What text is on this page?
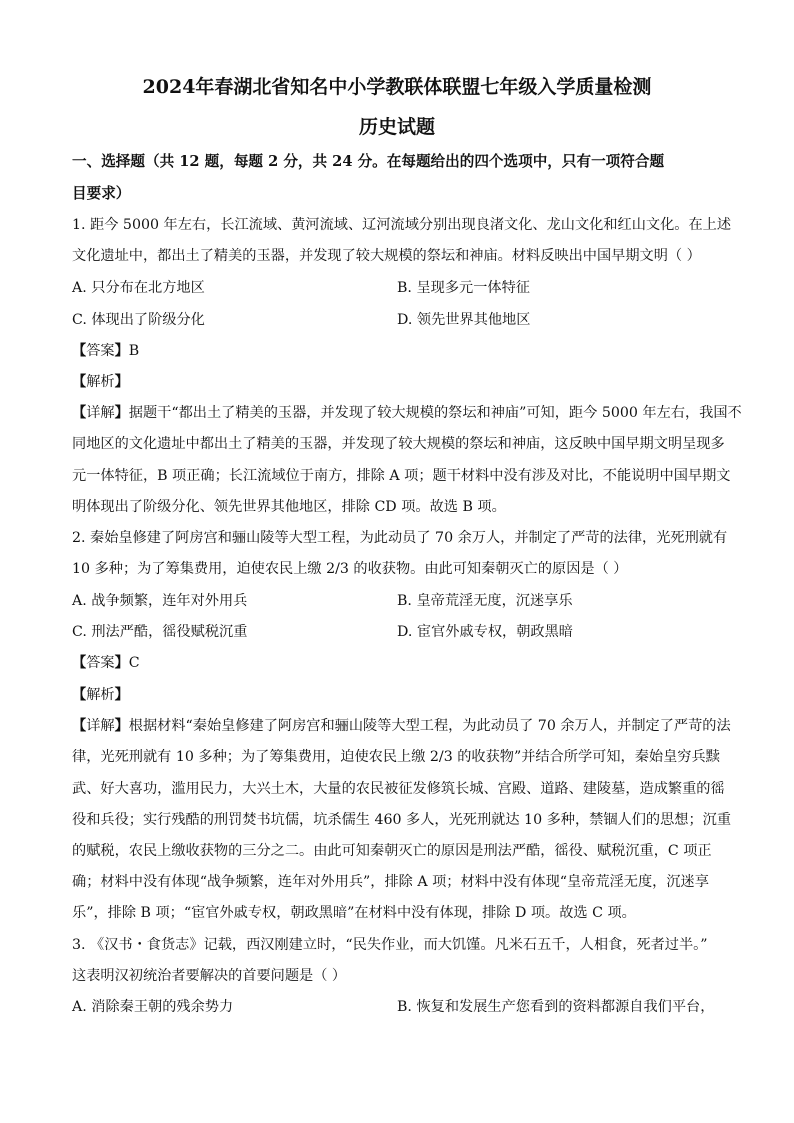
2024年春湖北省知名中小学教联体联盟七年级入学质量检测
历史试题
一、选择题（共 12 题，每题 2 分，共 24 分。在每题给出的四个选项中，只有一项符合题
目要求）
1. 距今 5000 年左右，长江流域、黄河流域、辽河流域分别出现良渚文化、龙山文化和红山文化。在上述
文化遗址中，都出土了精美的玉器，并发现了较大规模的祭坛和神庙。材料反映出中国早期文明（ ）
A. 只分布在北方地区	B. 呈现多元一体特征
C. 体现出了阶级分化	D. 领先世界其他地区
【答案】B
【解析】
【详解】据题干“都出土了精美的玉器，并发现了较大规模的祭坛和神庙”可知，距今 5000 年左右，我国不
同地区的文化遗址中都出土了精美的玉器，并发现了较大规模的祭坛和神庙，这反映中国早期文明呈现多
元一体特征，B 项正确；长江流域位于南方，排除 A 项；题干材料中没有涉及对比，不能说明中国早期文
明体现出了阶级分化、领先世界其他地区，排除 CD 项。故选 B 项。
2. 秦始皇修建了阿房宫和骊山陵等大型工程，为此动员了 70 余万人，并制定了严苛的法律，光死刑就有
10 多种；为了筹集费用，迫使农民上缴 2/3 的收获物。由此可知秦朝灭亡的原因是（ ）
A. 战争频繁，连年对外用兵	B. 皇帝荒淫无度，沉迷享乐
C. 刑法严酷，徭役赋税沉重	D. 宦官外戚专权，朝政黑暗
【答案】C
【解析】
【详解】根据材料“秦始皇修建了阿房宫和骊山陵等大型工程，为此动员了 70 余万人，并制定了严苛的法
律，光死刑就有 10 多种；为了筹集费用，迫使农民上缴 2/3 的收获物”并结合所学可知，秦始皇穷兵黩
武、好大喜功，滥用民力，大兴土木，大量的农民被征发修筑长城、宫殿、道路、建陵墓，造成繁重的徭
役和兵役；实行残酷的刑罚焚书坑儒，坑杀儒生 460 多人，光死刑就达 10 多种，禁锢人们的思想；沉重
的赋税，农民上缴收获物的三分之二。由此可知秦朝灭亡的原因是刑法严酷，徭役、赋税沉重，C 项正
确；材料中没有体现“战争频繁，连年对外用兵”，排除 A 项；材料中没有体现“皇帝荒淫无度，沉迷享
乐”，排除 B 项；“宦官外戚专权，朝政黑暗”在材料中没有体现，排除 D 项。故选 C 项。
3. 《汉书・食货志》记载，西汉刚建立时，“民失作业，而大饥馑。凡米石五千，人相食，死者过半。”
这表明汉初统治者要解决的首要问题是（ ）
A. 消除秦王朝的残余势力	B. 恢复和发展生产您看到的资料都源自我们平台，
